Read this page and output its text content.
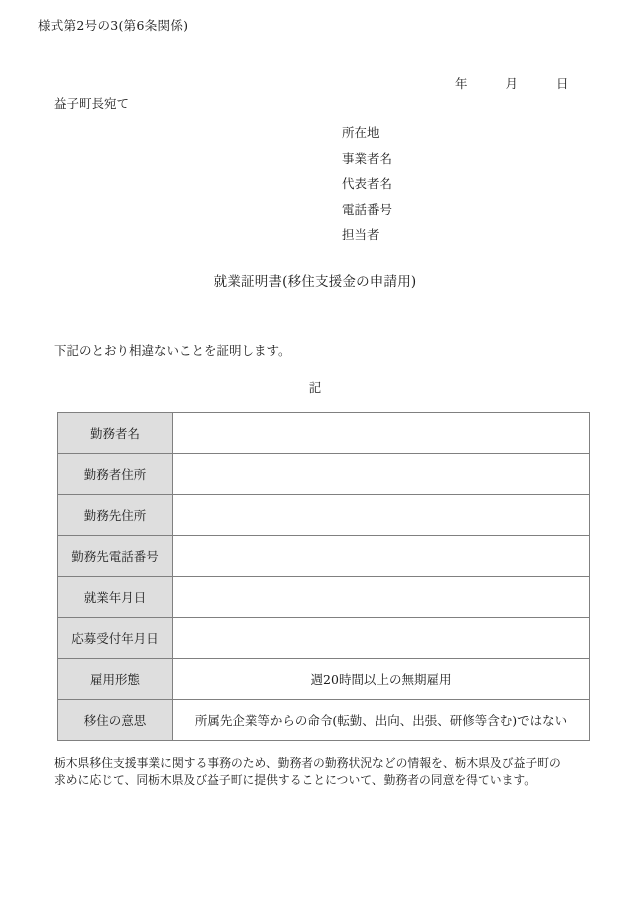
様式第2号の3(第6条関係)
年	月	日
益子町長宛て
所在地
事業者名
代表者名
電話番号
担当者
就業証明書(移住支援金の申請用)
下記のとおり相違ないことを証明します。
記
勤務者名	
勤務者住所	
勤務先住所	
勤務先電話番号	
就業年月日	
応募受付年月日	
雇用形態	週20時間以上の無期雇用
移住の意思	所属先企業等からの命令(転勤、出向、出張、研修等含む)ではない
栃木県移住支援事業に関する事務のため、勤務者の勤務状況などの情報を、栃木県及び益子町の
求めに応じて、同栃木県及び益子町に提供することについて、勤務者の同意を得ています。
